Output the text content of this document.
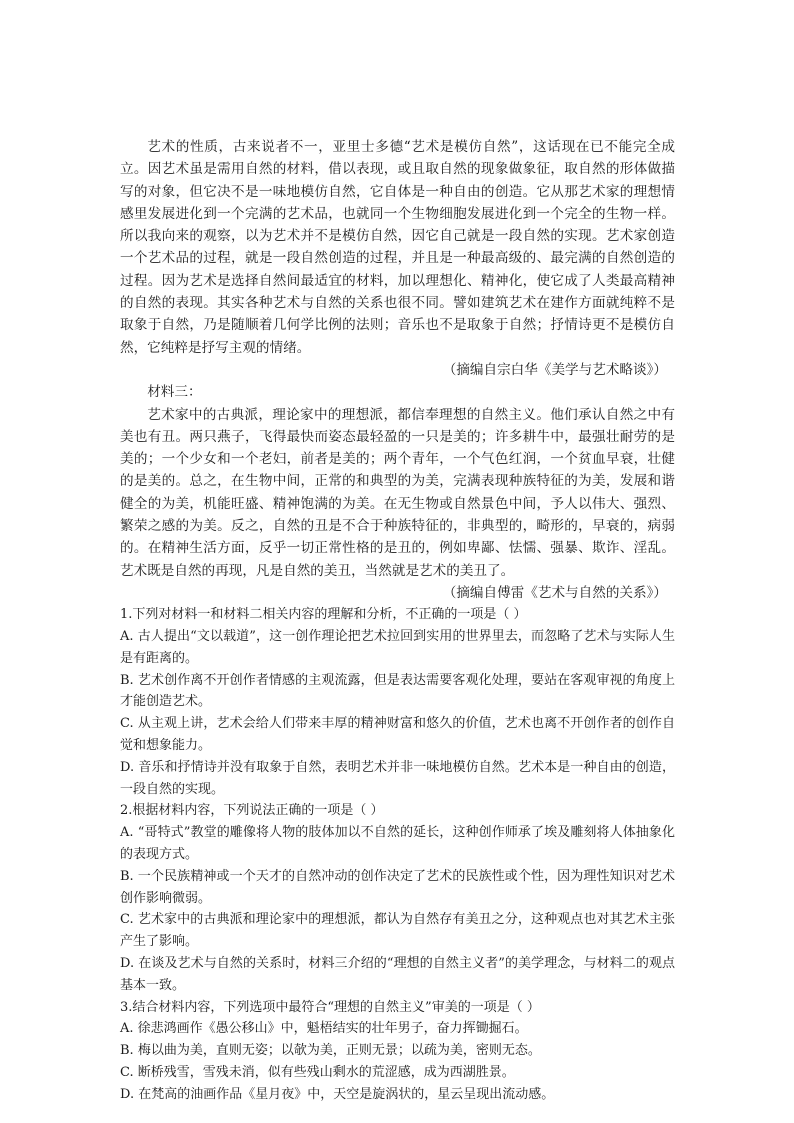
艺术的性质，古来说者不一，亚里士多德“艺术是模仿自然”，这话现在已不能完全成立。因艺术虽是需用自然的材料，借以表现，或且取自然的现象做象征，取自然的形体做描写的对象，但它决不是一味地模仿自然，它自体是一种自由的创造。它从那艺术家的理想情感里发展进化到一个完满的艺术品，也就同一个生物细胞发展进化到一个完全的生物一样。所以我向来的观察，以为艺术并不是模仿自然，因它自己就是一段自然的实现。艺术家创造一个艺术品的过程，就是一段自然创造的过程，并且是一种最高级的、最完满的自然创造的过程。因为艺术是选择自然间最适宜的材料，加以理想化、精神化，使它成了人类最高精神的自然的表现。其实各种艺术与自然的关系也很不同。譬如建筑艺术在建作方面就纯粹不是取象于自然，乃是随顺着几何学比例的法则；音乐也不是取象于自然；抒情诗更不是模仿自然，它纯粹是抒写主观的情绪。

（摘编自宗白华《美学与艺术略谈》）

材料三：

艺术家中的古典派，理论家中的理想派，都信奉理想的自然主义。他们承认自然之中有美也有丑。两只燕子，飞得最快而姿态最轻盈的一只是美的；许多耕牛中，最强壮耐劳的是美的；一个少女和一个老妇，前者是美的；两个青年，一个气色红润，一个贫血早衰，壮健的是美的。总之，在生物中间，正常的和典型的为美，完满表现种族特征的为美，发展和谐健全的为美，机能旺盛、精神饱满的为美。在无生物或自然景色中间，予人以伟大、强烈、繁荣之感的为美。反之，自然的丑是不合于种族特征的，非典型的，畸形的，早衰的，病弱的。在精神生活方面，反乎一切正常性格的是丑的，例如卑鄙、怯懦、强暴、欺诈、淫乱。艺术既是自然的再现，凡是自然的美丑，当然就是艺术的美丑了。

（摘编自傅雷《艺术与自然的关系》）

1.下列对材料一和材料二相关内容的理解和分析，不正确的一项是（ ）

A. 古人提出“文以载道”，这一创作理论把艺术拉回到实用的世界里去，而忽略了艺术与实际人生是有距离的。

B. 艺术创作离不开创作者情感的主观流露，但是表达需要客观化处理，要站在客观审视的角度上才能创造艺术。

C. 从主观上讲，艺术会给人们带来丰厚的精神财富和悠久的价值，艺术也离不开创作者的创作自觉和想象能力。

D. 音乐和抒情诗并没有取象于自然，表明艺术并非一味地模仿自然。艺术本是一种自由的创造，一段自然的实现。

2.根据材料内容，下列说法正确的一项是（ ）

A. “哥特式”教堂的雕像将人物的肢体加以不自然的延长，这种创作师承了埃及雕刻将人体抽象化的表现方式。

B. 一个民族精神或一个天才的自然冲动的创作决定了艺术的民族性或个性，因为理性知识对艺术创作影响微弱。

C. 艺术家中的古典派和理论家中的理想派，都认为自然存有美丑之分，这种观点也对其艺术主张产生了影响。

D. 在谈及艺术与自然的关系时，材料三介绍的“理想的自然主义者”的美学理念，与材料二的观点基本一致。

3.结合材料内容，下列选项中最符合“理想的自然主义”审美的一项是（ ）

A. 徐悲鸿画作《愚公移山》中，魁梧结实的壮年男子，奋力挥锄掘石。

B. 梅以曲为美，直则无姿；以欹为美，正则无景；以疏为美，密则无态。

C. 断桥残雪，雪残未消，似有些残山剩水的荒涩感，成为西湖胜景。

D. 在梵高的油画作品《星月夜》中，天空是旋涡状的，星云呈现出流动感。
